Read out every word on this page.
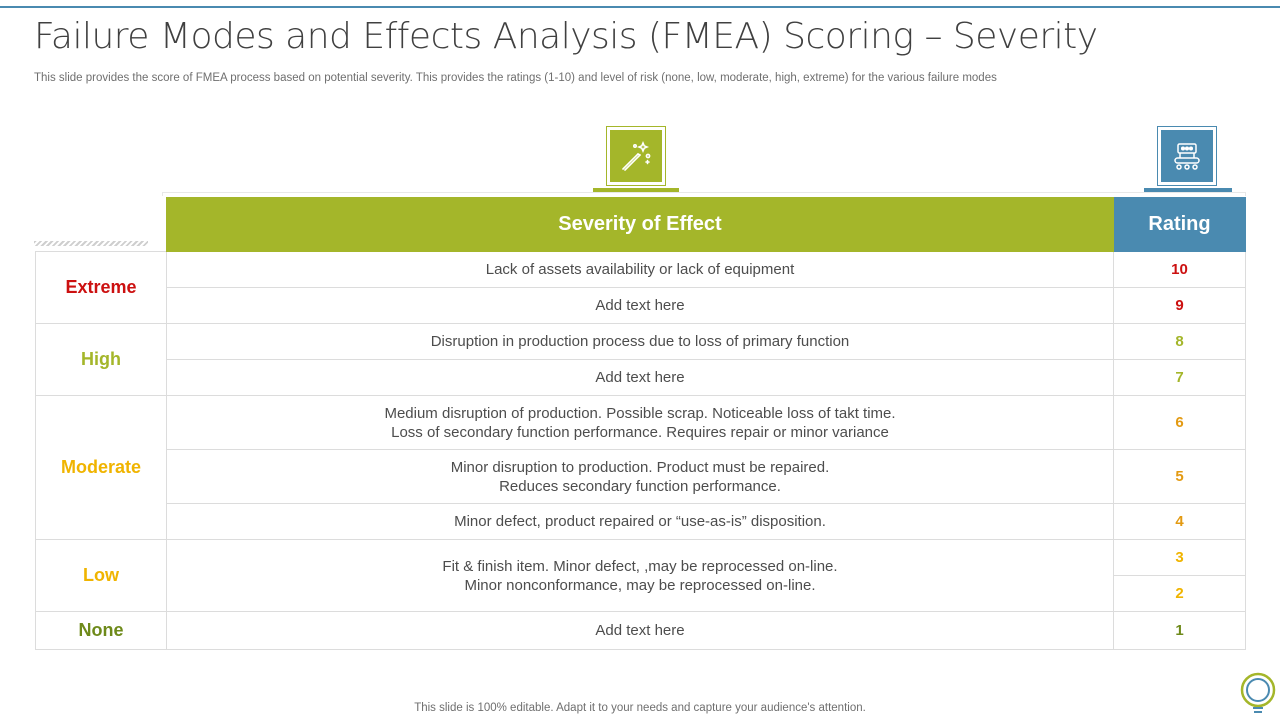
Failure Modes and Effects Analysis (FMEA) Scoring – Severity

This slide provides the score of FMEA process based on potential severity. This provides the ratings (1-10) and level of risk (none, low, moderate, high, extreme) for the various failure modes

	Severity of Effect	Rating
Extreme	Lack of assets availability or lack of equipment	10

	Add text here	9
High	Disruption in production process due to loss of primary function	8

	Add text here	7
Moderate	Medium disruption of production. Possible scrap. Noticeable loss of takt time.
Loss of secondary function performance. Requires repair or minor variance	6

	Minor disruption to production. Product must be repaired.
Reduces secondary function performance.	5

	Minor defect, product repaired or “use-as-is” disposition.	4
Low	Fit & finish item. Minor defect, ,may be reprocessed on-line.
Minor nonconformance, may be reprocessed on-line.	3
		2
None	Add text here	1

This slide is 100% editable. Adapt it to your needs and capture your audience's attention.
